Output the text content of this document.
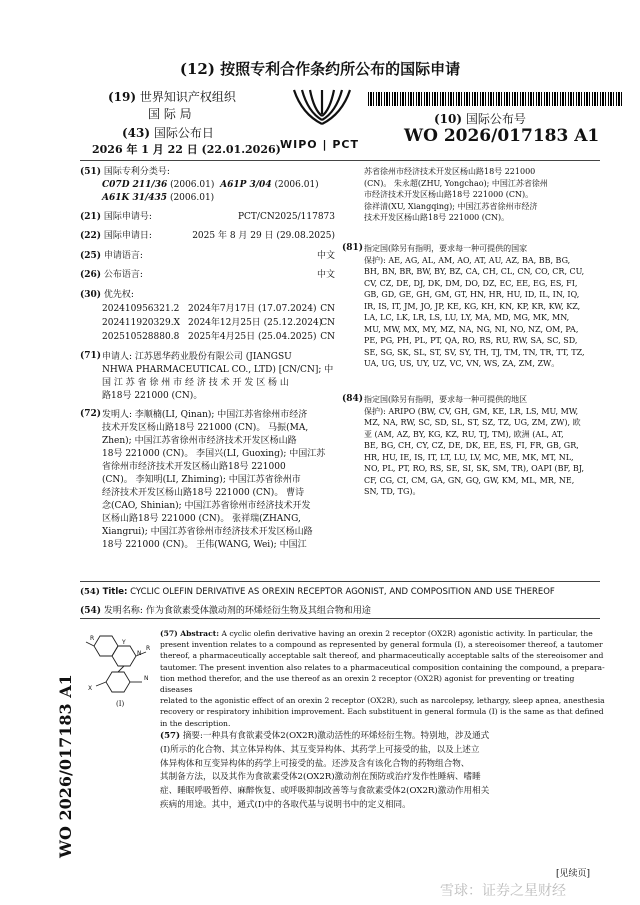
(12) 按照专利合作条约所公布的国际申请
(19) 世界知识产权组织
国 际 局
(43) 国际公布日
2026 年 1 月 22 日 (22.01.2026) WIPO | PCT
(10) 国际公布号
WO 2026/017183 A1
(51) 国际专利分类号:
C07D 211/36 (2006.01) A61P 3/04 (2006.01)
A61K 31/435 (2006.01)
(21) 国际申请号:	PCT/CN2025/117873
(22) 国际申请日:	2025 年 8 月 29 日 (29.08.2025)
(25) 申请语言:	中文
(26) 公布语言:	中文
(30) 优先权:
202410956321.2 2024年7月17日 (17.07.2024) CN
202411920329.X 2024年12月25日 (25.12.2024)
CN
202510528880.8 2025年4月25日 (25.04.2025) CN
(71) 申请人: 江苏恩华药业股份有限公司 (JIANGSU
NHWA PHARMACEUTICAL CO., LTD) [CN/CN]; 中
国 江 苏 省 徐 州 市 经 济 技 术 开 发 区 杨 山
路18号 221000 (CN)。
(72) 发明人: 李顺楠(LI, Qinan); 中国江苏省徐州市经济
技术开发区杨山路18号 221000 (CN)。 马振(MA,
Zhen); 中国江苏省徐州市经济技术开发区杨山路
18号 221000 (CN)。 李国兴(LI, Guoxing); 中国江苏
省徐州市经济技术开发区杨山路18号 221000
(CN)。 李知明(LI, Zhiming); 中国江苏省徐州市
经济技术开发区杨山路18号 221000 (CN)。 曹诗
念(CAO, Shinian); 中国江苏省徐州市经济技术开发
区杨山路18号 221000 (CN)。 张祥瑞(ZHANG,
Xiangrui); 中国江苏省徐州市经济技术开发区杨山路
18号 221000 (CN)。 王伟(WANG, Wei); 中国江
苏省徐州市经济技术开发区杨山路18号 221000
(CN)。 朱永超(ZHU, Yongchao); 中国江苏省徐州
市经济技术开发区杨山路18号 221000 (CN)。
徐祥清(XU, Xiangqing); 中国江苏省徐州市经济
技术开发区杨山路18号 221000 (CN)。
(81) 指定国(除另有指明，要求每一种可提供的国家
保护): AE, AG, AL, AM, AO, AT, AU, AZ, BA, BB, BG,
BH, BN, BR, BW, BY, BZ, CA, CH, CL, CN, CO, CR, CU,
CV, CZ, DE, DJ, DK, DM, DO, DZ, EC, EE, EG, ES, FI,
GB, GD, GE, GH, GM, GT, HN, HR, HU, ID, IL, IN, IQ,
IR, IS, IT, JM, JO, JP, KE, KG, KH, KN, KP, KR, KW, KZ,
LA, LC, LK, LR, LS, LU, LY, MA, MD, MG, MK, MN,
MU, MW, MX, MY, MZ, NA, NG, NI, NO, NZ, OM, PA,
PE, PG, PH, PL, PT, QA, RO, RS, RU, RW, SA, SC, SD,
SE, SG, SK, SL, ST, SV, SY, TH, TJ, TM, TN, TR, TT, TZ,
UA, UG, US, UY, UZ, VC, VN, WS, ZA, ZM, ZW。
(84) 指定国(除另有指明，要求每一种可提供的地区
保护): ARIPO (BW, CV, GH, GM, KE, LR, LS, MU, MW,
MZ, NA, RW, SC, SD, SL, ST, SZ, TZ, UG, ZM, ZW), 欧
亚 (AM, AZ, BY, KG, KZ, RU, TJ, TM), 欧洲 (AL, AT,
BE, BG, CH, CY, CZ, DE, DK, EE, ES, FI, FR, GB, GR,
HR, HU, IE, IS, IT, LT, LU, LV, MC, ME, MK, MT, NL,
NO, PL, PT, RO, RS, SE, SI, SK, SM, TR), OAPI (BF, BJ,
CF, CG, CI, CM, GA, GN, GQ, GW, KM, ML, MR, NE,
SN, TD, TG)。
(54) Title: CYCLIC OLEFIN DERIVATIVE AS OREXIN RECEPTOR AGONIST, AND COMPOSITION AND USE THEREOF
(54) 发明名称: 作为食欲素受体激动剂的环烯烃衍生物及其组合物和用途
N
N
R
X
R
Y
(I)
(57) Abstract: A cyclic olefin derivative having an orexin 2 receptor (OX2R) agonistic activity. In particular, the
present invention relates to a compound as represented by general formula (I), a stereoisomer thereof, a tautomer
thereof, a pharmaceutically acceptable salt thereof, and pharmaceutically acceptable salts of the stereoisomer and
tautomer. The present invention also relates to a pharmaceutical composition containing the compound, a prepara-
tion method therefor, and the use thereof as an orexin 2 receptor (OX2R) agonist for preventing or treating diseases
related to the agonistic effect of an orexin 2 receptor (OX2R), such as narcolepsy, lethargy, sleep apnea, anesthesia
recovery or respiratory inhibition improvement. Each substituent in general formula (I) is the same as that defined
in the description.
(57) 摘要:一种具有食欲素受体2(OX2R)激动活性的环烯烃衍生物。特别地，涉及通式
(I)所示的化合物、其立体异构体、其互变异构体、其药学上可接受的盐，以及上述立
体异构体和互变异构体的药学上可接受的盐。还涉及含有该化合物的药物组合物、
其制备方法，以及其作为食欲素受体2(OX2R)激动剂在预防或治疗发作性睡病、嗜睡
症、睡眠呼吸暂停、麻醉恢复、或呼吸抑制改善等与食欲素受体2(OX2R)激动作用相关
疾病的用途。其中，通式(I)中的各取代基与说明书中的定义相同。
WO 2026/017183 A1
[见续页]
雪球：证券之星财经
